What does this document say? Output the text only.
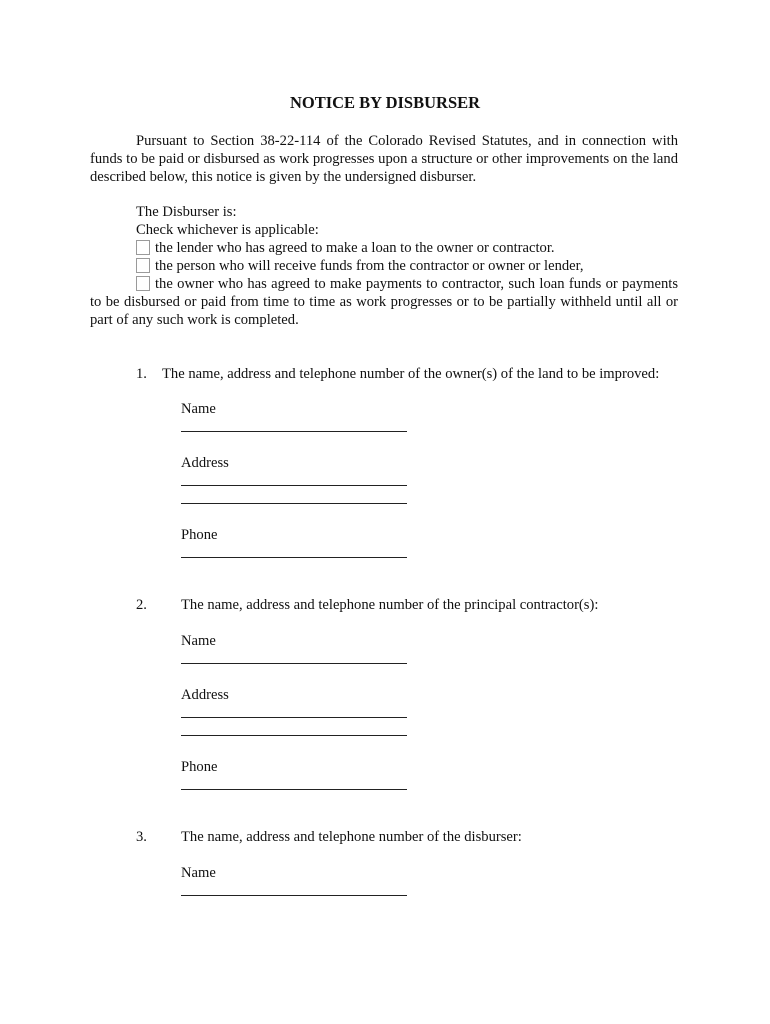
NOTICE BY DISBURSER
Pursuant to Section 38-22-114 of the Colorado Revised Statutes, and in connection with funds to be paid or disbursed as work progresses upon a structure or other improvements on the land described below, this notice is given by the undersigned disburser.
The Disburser is:
Check whichever is applicable:
the lender who has agreed to make a loan to the owner or contractor.
the person who will receive funds from the contractor or owner or lender,
the owner who has agreed to make payments to contractor, such loan funds or payments to be disbursed or paid from time to time as work progresses or to be partially withheld until all or part of any such work is completed.
1. The name, address and telephone number of the owner(s) of the land to be improved:
Name
Address
Phone
2. The name, address and telephone number of the principal contractor(s):
Name
Address
Phone
3. The name, address and telephone number of the disburser:
Name
